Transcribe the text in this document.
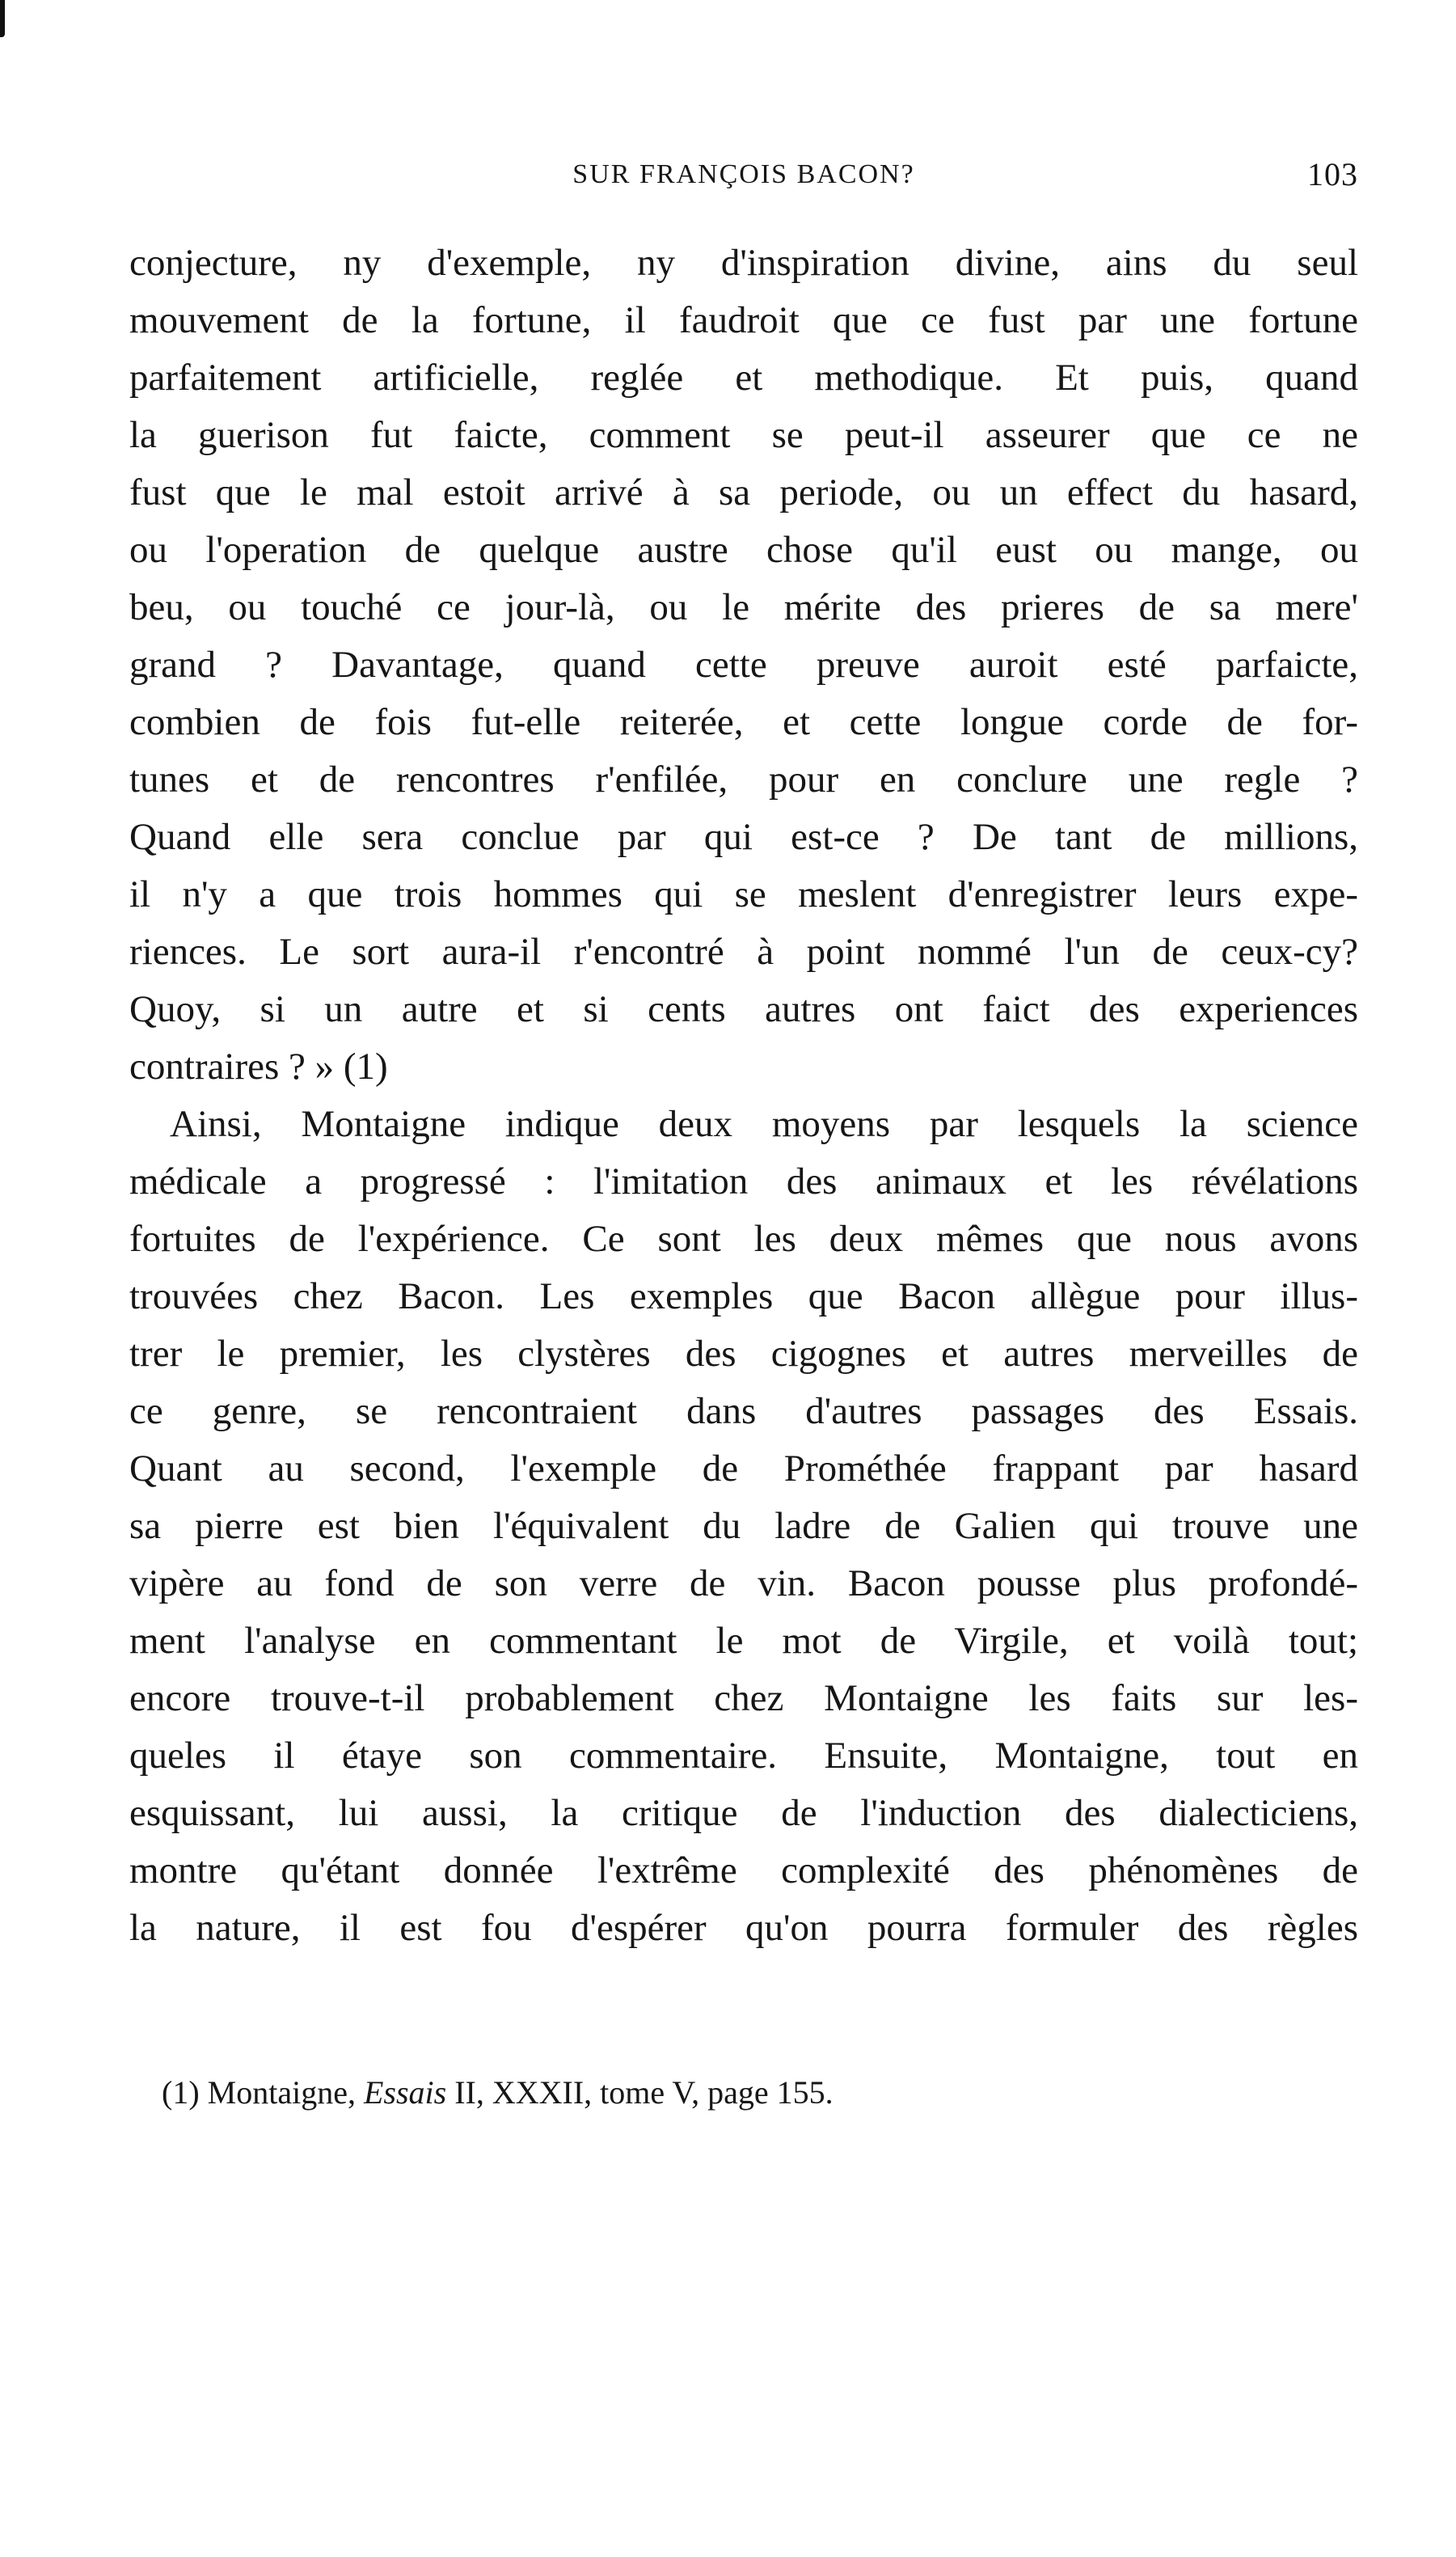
SUR FRANÇOIS BACON?	103
conjecture, ny d'exemple, ny d'inspiration divine, ains du seul
mouvement de la fortune, il faudroit que ce fust par une fortune
parfaitement artificielle, reglée et methodique. Et puis, quand
la guerison fut faicte, comment se peut-il asseurer que ce ne
fust que le mal estoit arrivé à sa periode, ou un effect du hasard,
ou l'operation de quelque austre chose qu'il eust ou mange, ou
beu, ou touché ce jour-là, ou le mérite des prieres de sa mere'
grand ? Davantage, quand cette preuve auroit esté parfaicte,
combien de fois fut-elle reiterée, et cette longue corde de for-
tunes et de rencontres r'enfilée, pour en conclure une regle ?
Quand elle sera conclue par qui est-ce ? De tant de millions,
il n'y a que trois hommes qui se meslent d'enregistrer leurs expe-
riences. Le sort aura-il r'encontré à point nommé l'un de ceux-cy?
Quoy, si un autre et si cents autres ont faict des experiences
contraires ? » (1)
Ainsi, Montaigne indique deux moyens par lesquels la science
médicale a progressé : l'imitation des animaux et les révélations
fortuites de l'expérience. Ce sont les deux mêmes que nous avons
trouvées chez Bacon. Les exemples que Bacon allègue pour illus-
trer le premier, les clystères des cigognes et autres merveilles de
ce genre, se rencontraient dans d'autres passages des Essais.
Quant au second, l'exemple de Prométhée frappant par hasard
sa pierre est bien l'équivalent du ladre de Galien qui trouve une
vipère au fond de son verre de vin. Bacon pousse plus profondé-
ment l'analyse en commentant le mot de Virgile, et voilà tout;
encore trouve-t-il probablement chez Montaigne les faits sur les-
queles il étaye son commentaire. Ensuite, Montaigne, tout en
esquissant, lui aussi, la critique de l'induction des dialecticiens,
montre qu'étant donnée l'extrême complexité des phénomènes de
la nature, il est fou d'espérer qu'on pourra formuler des règles
(1) Montaigne, Essais II, XXXII, tome V, page 155.
